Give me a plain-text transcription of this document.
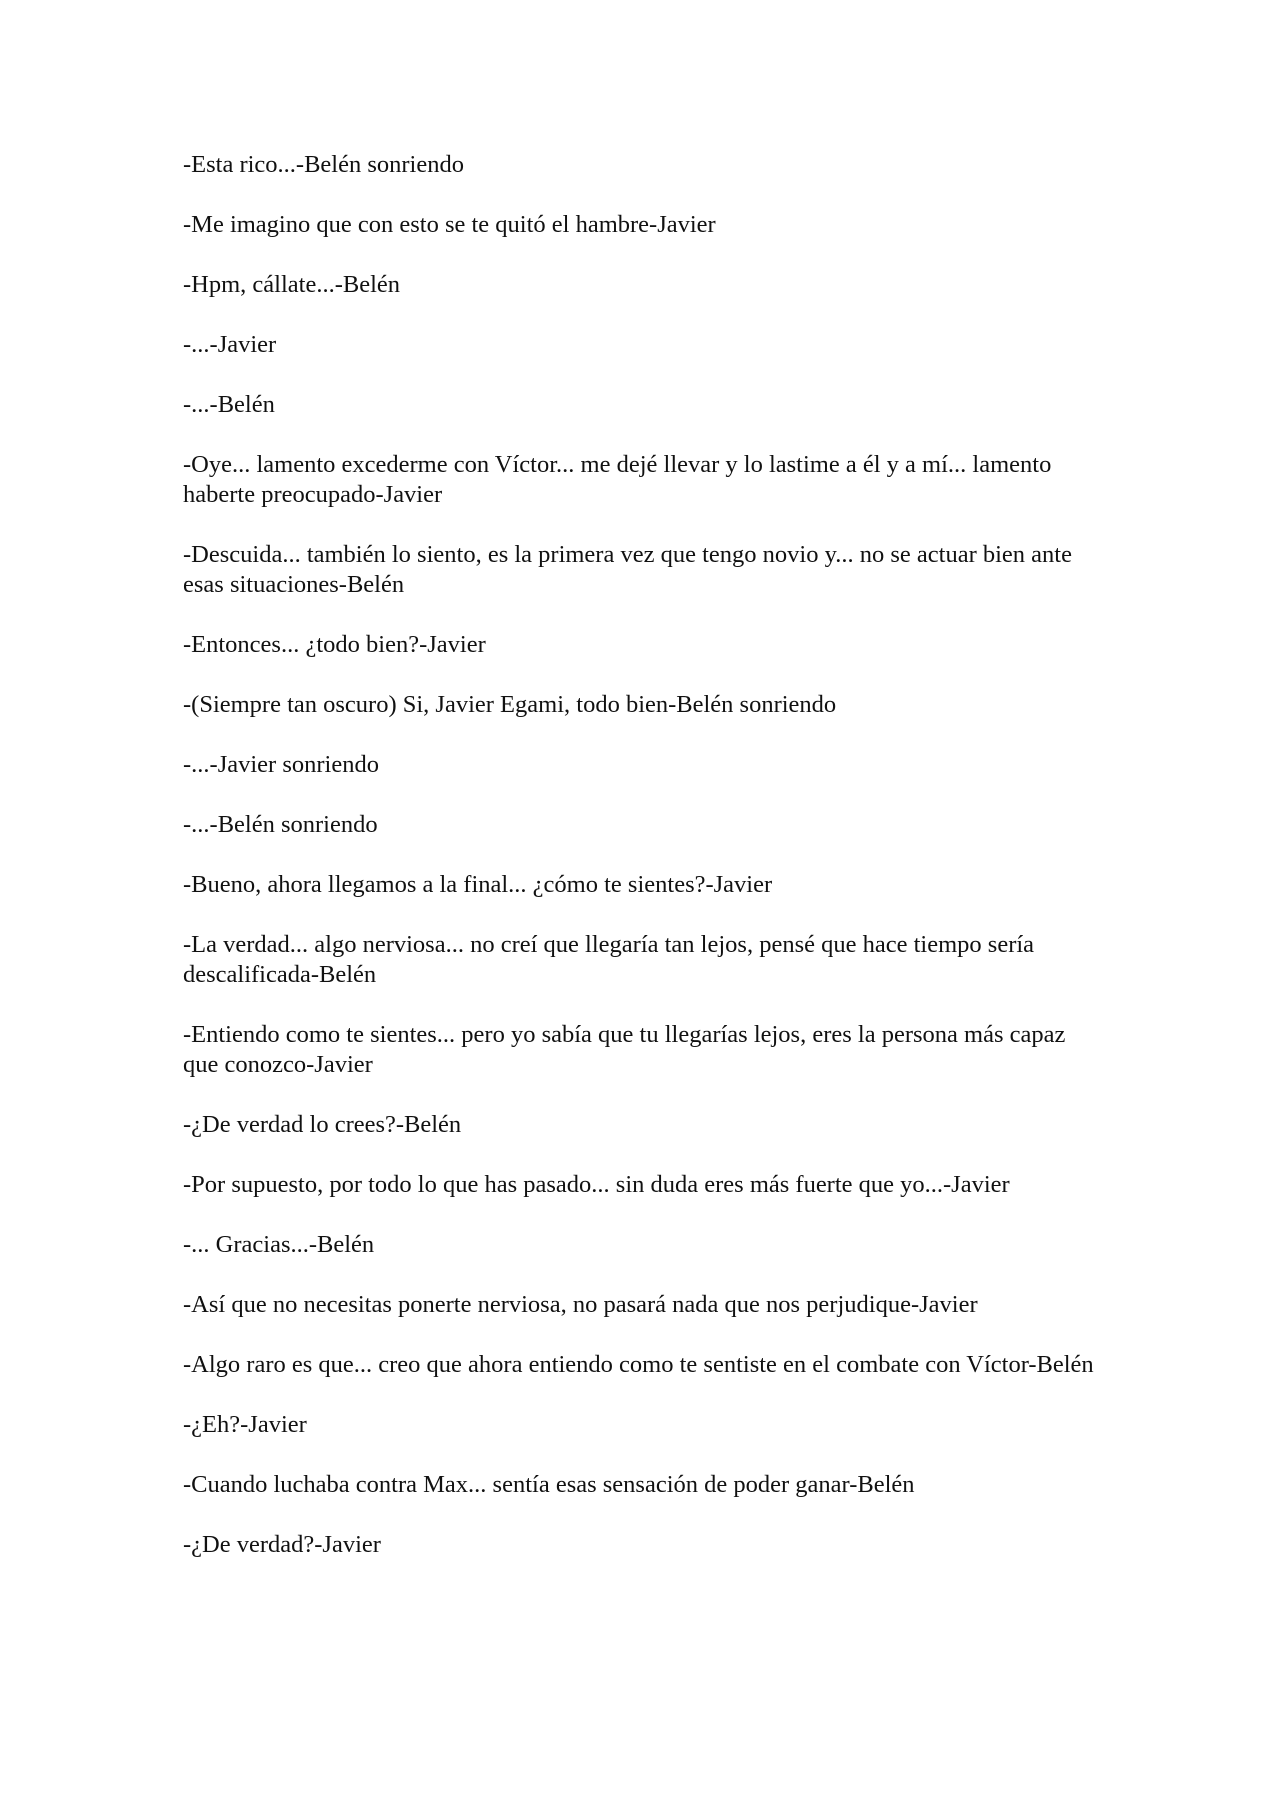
-Esta rico...-Belén sonriendo

-Me imagino que con esto se te quitó el hambre-Javier

-Hpm, cállate...-Belén

-...-Javier

-...-Belén

-Oye... lamento excederme con Víctor... me dejé llevar y lo lastime a él y a mí... lamento haberte preocupado-Javier

-Descuida... también lo siento, es la primera vez que tengo novio y... no se actuar bien ante esas situaciones-Belén

-Entonces... ¿todo bien?-Javier

-(Siempre tan oscuro) Si, Javier Egami, todo bien-Belén sonriendo

-...-Javier sonriendo

-...-Belén sonriendo

-Bueno, ahora llegamos a la final... ¿cómo te sientes?-Javier

-La verdad... algo nerviosa... no creí que llegaría tan lejos, pensé que hace tiempo sería descalificada-Belén

-Entiendo como te sientes... pero yo sabía que tu llegarías lejos, eres la persona más capaz que conozco-Javier

-¿De verdad lo crees?-Belén

-Por supuesto, por todo lo que has pasado... sin duda eres más fuerte que yo...-Javier

-... Gracias...-Belén

-Así que no necesitas ponerte nerviosa, no pasará nada que nos perjudique-Javier

-Algo raro es que... creo que ahora entiendo como te sentiste en el combate con Víctor-Belén

-¿Eh?-Javier

-Cuando luchaba contra Max... sentía esas sensación de poder ganar-Belén

-¿De verdad?-Javier
